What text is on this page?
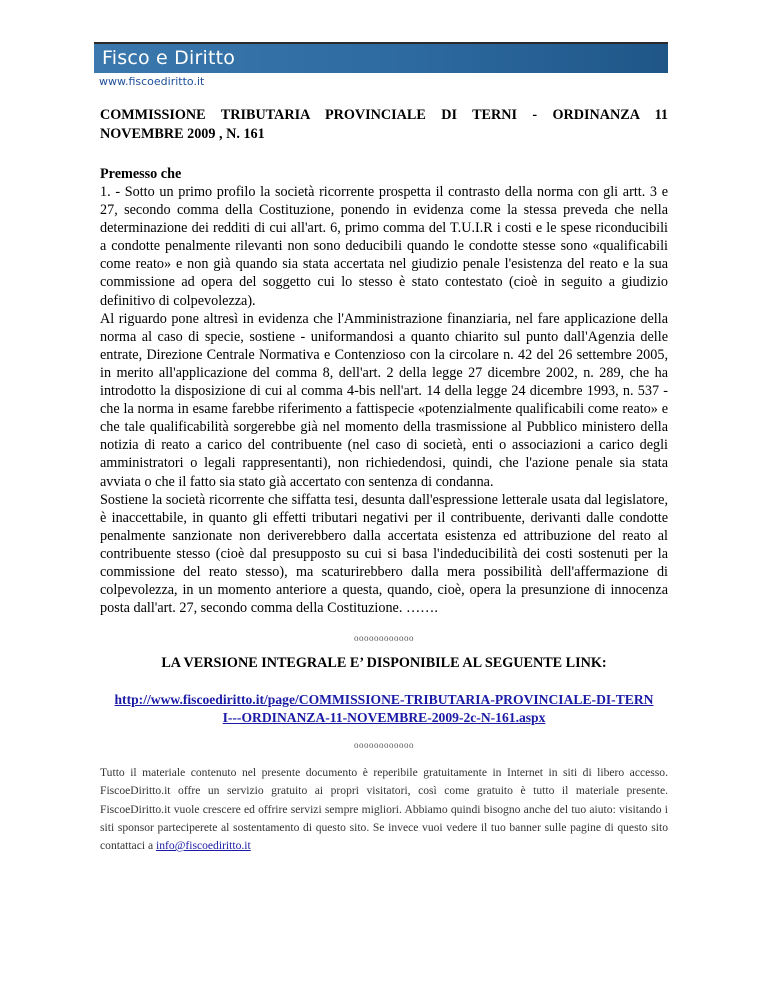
Fisco e Diritto
www.fiscoediritto.it

COMMISSIONE TRIBUTARIA PROVINCIALE DI TERNI - ORDINANZA 11 NOVEMBRE 2009 , N. 161

Premesso che

1. - Sotto un primo profilo la società ricorrente prospetta il contrasto della norma con gli artt. 3 e 27, secondo comma della Costituzione, ponendo in evidenza come la stessa preveda che nella determinazione dei redditi di cui all'art. 6, primo comma del T.U.I.R i costi e le spese riconducibili a condotte penalmente rilevanti non sono deducibili quando le condotte stesse sono «qualificabili come reato» e non già quando sia stata accertata nel giudizio penale l'esistenza del reato e la sua commissione ad opera del soggetto cui lo stesso è stato contestato (cioè in seguito a giudizio definitivo di colpevolezza).

Al riguardo pone altresì in evidenza che l'Amministrazione finanziaria, nel fare applicazione della norma al caso di specie, sostiene - uniformandosi a quanto chiarito sul punto dall'Agenzia delle entrate, Direzione Centrale Normativa e Contenzioso con la circolare n. 42 del 26 settembre 2005, in merito all'applicazione del comma 8, dell'art. 2 della legge 27 dicembre 2002, n. 289, che ha introdotto la disposizione di cui al comma 4-bis nell'art. 14 della legge 24 dicembre 1993, n. 537 - che la norma in esame farebbe riferimento a fattispecie «potenzialmente qualificabili come reato» e che tale qualificabilità sorgerebbe già nel momento della trasmissione al Pubblico ministero della notizia di reato a carico del contribuente (nel caso di società, enti o associazioni a carico degli amministratori o legali rappresentanti), non richiedendosi, quindi, che l'azione penale sia stata avviata o che il fatto sia stato già accertato con sentenza di condanna.

Sostiene la società ricorrente che siffatta tesi, desunta dall'espressione letterale usata dal legislatore, è inaccettabile, in quanto gli effetti tributari negativi per il contribuente, derivanti dalle condotte penalmente sanzionate non deriverebbero dalla accertata esistenza ed attribuzione del reato al contribuente stesso (cioè dal presupposto su cui si basa l'indeducibilità dei costi sostenuti per la commissione del reato stesso), ma scaturirebbero dalla mera possibilità dell'affermazione di colpevolezza, in un momento anteriore a questa, quando, cioè, opera la presunzione di innocenza posta dall'art. 27, secondo comma della Costituzione. …….

oooooooooooo

LA VERSIONE INTEGRALE E’ DISPONIBILE AL SEGUENTE LINK:

http://www.fiscoediritto.it/page/COMMISSIONE-TRIBUTARIA-PROVINCIALE-DI-TERNI---ORDINANZA-11-NOVEMBRE-2009-2c-N-161.aspx
oooooooooooo

Tutto il materiale contenuto nel presente documento è reperibile gratuitamente in Internet in siti di libero accesso. FiscoeDiritto.it offre un servizio gratuito ai propri visitatori, così come gratuito è tutto il materiale presente. FiscoeDiritto.it vuole crescere ed offrire servizi sempre migliori. Abbiamo quindi bisogno anche del tuo aiuto: visitando i siti sponsor parteciperete al sostentamento di questo sito. Se invece vuoi vedere il tuo banner sulle pagine di questo sito contattaci a info@fiscoediritto.it
